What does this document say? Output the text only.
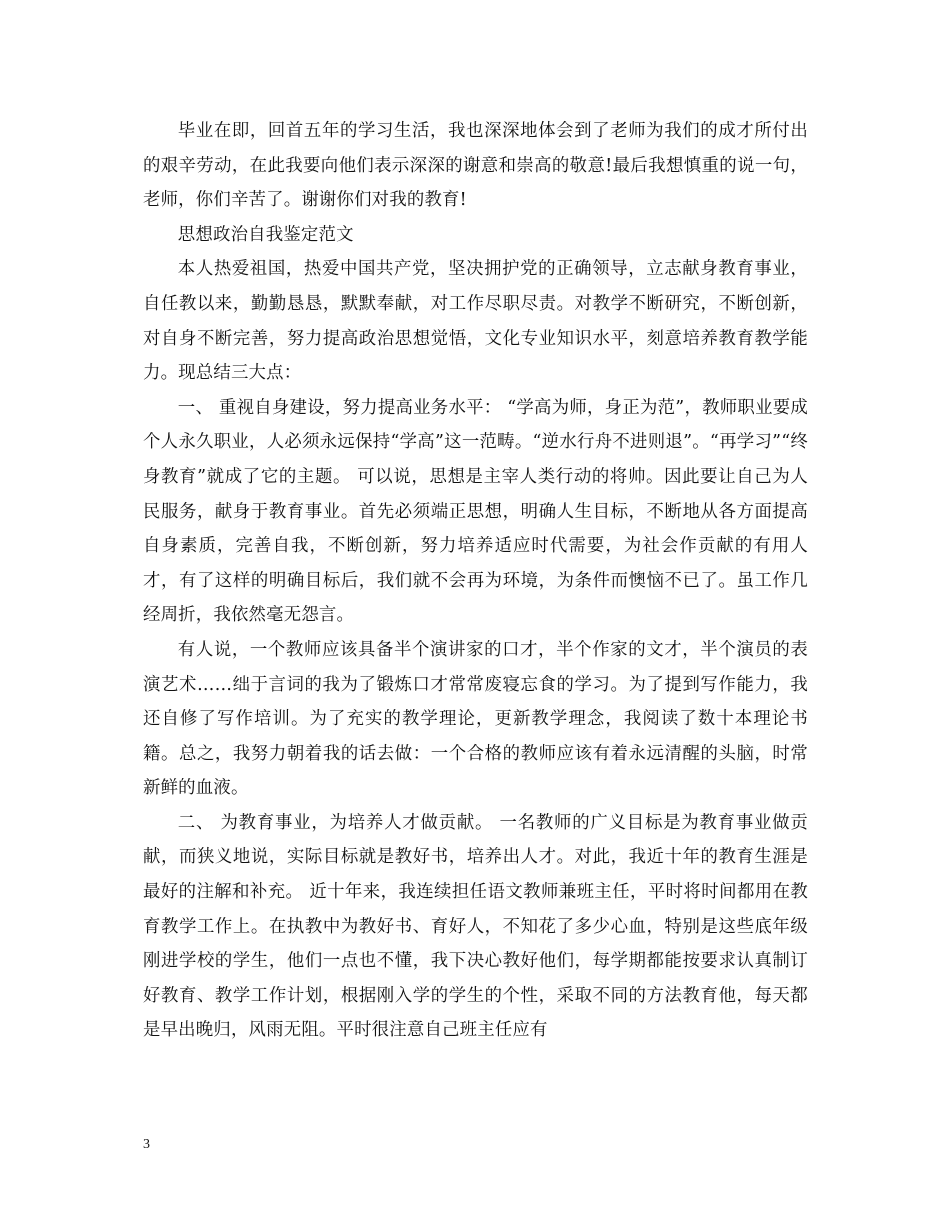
毕业在即，回首五年的学习生活，我也深深地体会到了老师为我们的成才所付出的艰辛劳动，在此我要向他们表示深深的谢意和崇高的敬意!最后我想慎重的说一句，老师，你们辛苦了。谢谢你们对我的教育!

思想政治自我鉴定范文

本人热爱祖国，热爱中国共产党，坚决拥护党的正确领导，立志献身教育事业，自任教以来，勤勤恳恳，默默奉献，对工作尽职尽责。对教学不断研究，不断创新，对自身不断完善，努力提高政治思想觉悟，文化专业知识水平，刻意培养教育教学能力。现总结三大点：

一、 重视自身建设，努力提高业务水平： “学高为师，身正为范”，教师职业要成个人永久职业，人必须永远保持“学高”这一范畴。“逆水行舟不进则退”。“再学习”“终身教育”就成了它的主题。 可以说，思想是主宰人类行动的将帅。因此要让自己为人民服务，献身于教育事业。首先必须端正思想，明确人生目标，不断地从各方面提高自身素质，完善自我，不断创新，努力培养适应时代需要，为社会作贡献的有用人才，有了这样的明确目标后，我们就不会再为环境，为条件而懊恼不已了。虽工作几经周折，我依然毫无怨言。

有人说，一个教师应该具备半个演讲家的口才，半个作家的文才，半个演员的表演艺术……绌于言词的我为了锻炼口才常常废寝忘食的学习。为了提到写作能力，我还自修了写作培训。为了充实的教学理论，更新教学理念，我阅读了数十本理论书籍。总之，我努力朝着我的话去做：一个合格的教师应该有着永远清醒的头脑，时常新鲜的血液。

二、 为教育事业，为培养人才做贡献。 一名教师的广义目标是为教育事业做贡献，而狭义地说，实际目标就是教好书，培养出人才。对此，我近十年的教育生涯是最好的注解和补充。 近十年来，我连续担任语文教师兼班主任，平时将时间都用在教育教学工作上。在执教中为教好书、育好人，不知花了多少心血，特别是这些底年级刚进学校的学生，他们一点也不懂，我下决心教好他们，每学期都能按要求认真制订好教育、教学工作计划，根据刚入学的学生的个性，采取不同的方法教育他，每天都是早出晚归，风雨无阻。平时很注意自己班主任应有

3
